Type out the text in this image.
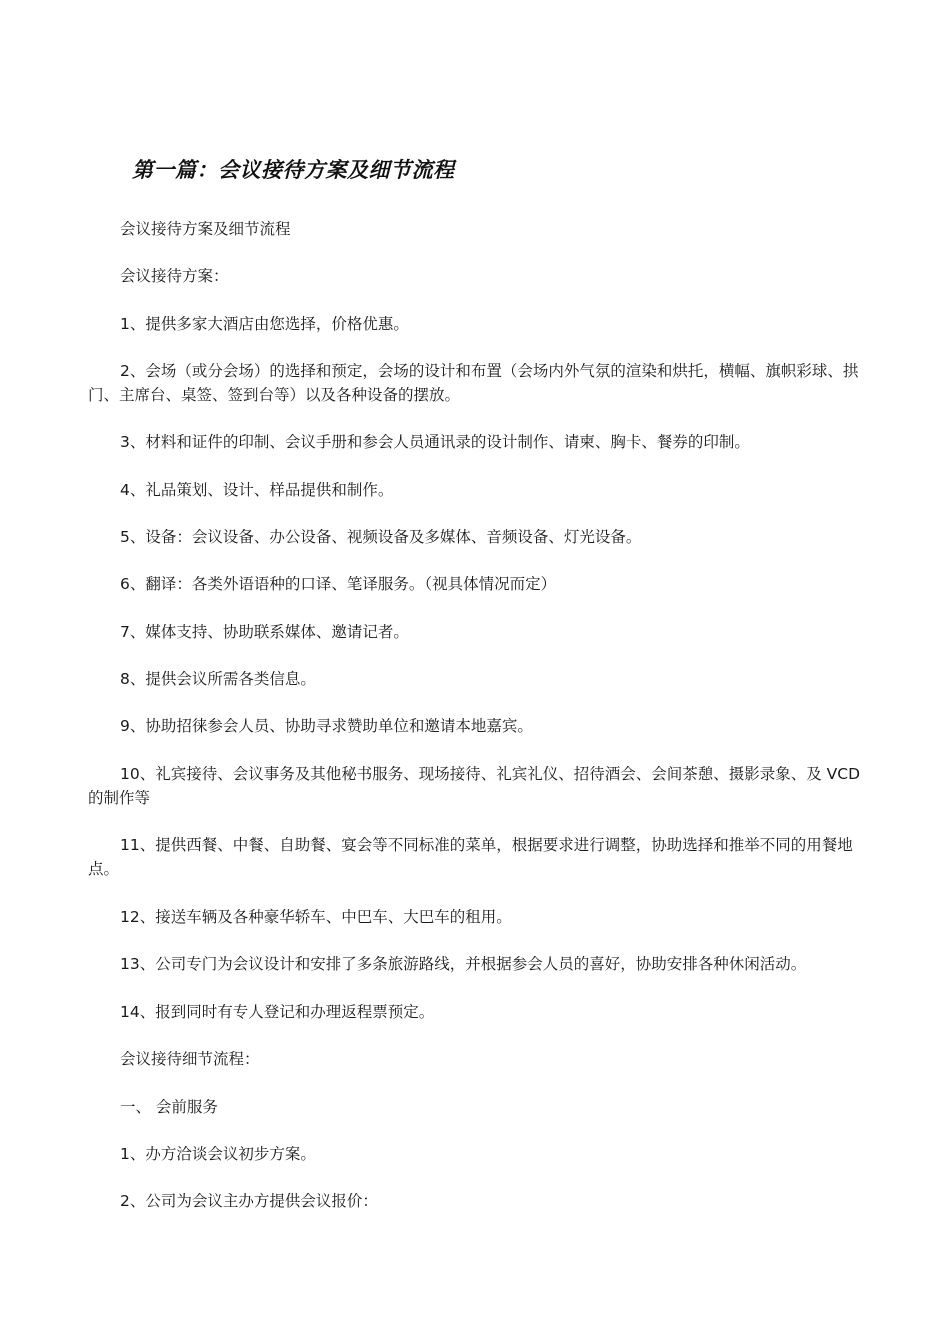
第一篇：会议接待方案及细节流程

会议接待方案及细节流程

会议接待方案：

1、提供多家大酒店由您选择，价格优惠。

2、会场（或分会场）的选择和预定，会场的设计和布置（会场内外气氛的渲染和烘托，横幅、旗帜彩球、拱门、主席台、桌签、签到台等）以及各种设备的摆放。

3、材料和证件的印制、会议手册和参会人员通讯录的设计制作、请柬、胸卡、餐券的印制。

4、礼品策划、设计、样品提供和制作。

5、设备：会议设备、办公设备、视频设备及多媒体、音频设备、灯光设备。

6、翻译：各类外语语种的口译、笔译服务。（视具体情况而定）

7、媒体支持、协助联系媒体、邀请记者。

8、提供会议所需各类信息。

9、协助招徕参会人员、协助寻求赞助单位和邀请本地嘉宾。

10、礼宾接待、会议事务及其他秘书服务、现场接待、礼宾礼仪、招待酒会、会间茶憩、摄影录象、及 VCD 的制作等

11、提供西餐、中餐、自助餐、宴会等不同标准的菜单，根据要求进行调整，协助选择和推举不同的用餐地点。

12、接送车辆及各种豪华轿车、中巴车、大巴车的租用。

13、公司专门为会议设计和安排了多条旅游路线，并根据参会人员的喜好，协助安排各种休闲活动。

14、报到同时有专人登记和办理返程票预定。

会议接待细节流程：

一、 会前服务

1、办方洽谈会议初步方案。

2、公司为会议主办方提供会议报价：
